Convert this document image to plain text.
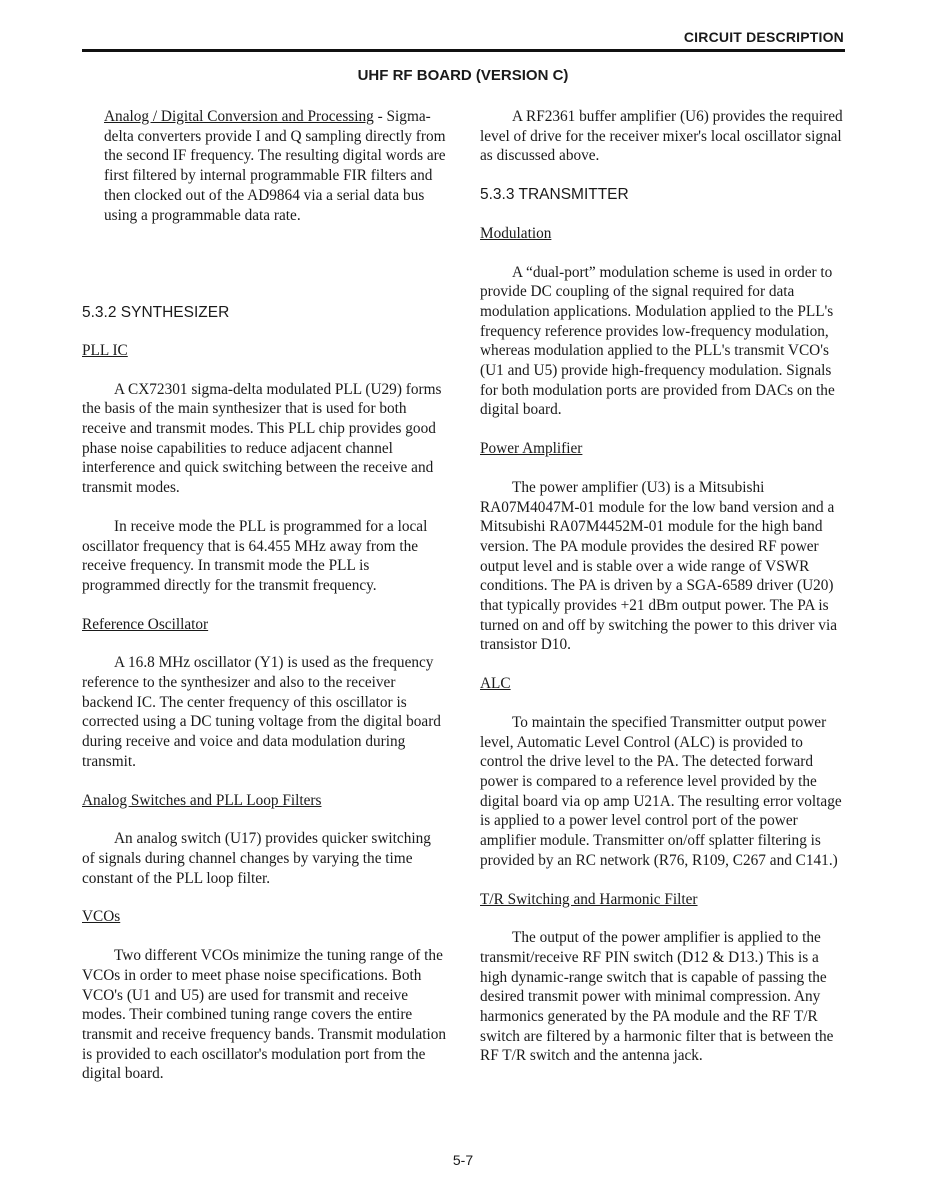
CIRCUIT DESCRIPTION
UHF RF BOARD (VERSION C)

Analog / Digital Conversion and Processing - Sigma-delta converters provide I and Q sampling directly from the second IF frequency. The resulting digital words are first filtered by internal programmable FIR filters and then clocked out of the AD9864 via a serial data bus using a programmable data rate.

5.3.2 SYNTHESIZER

PLL IC

A CX72301 sigma-delta modulated PLL (U29) forms the basis of the main synthesizer that is used for both receive and transmit modes. This PLL chip provides good phase noise capabilities to reduce adjacent channel interference and quick switching between the receive and transmit modes.

In receive mode the PLL is programmed for a local oscillator frequency that is 64.455 MHz away from the receive frequency. In transmit mode the PLL is programmed directly for the transmit frequency.

Reference Oscillator

A 16.8 MHz oscillator (Y1) is used as the frequency reference to the synthesizer and also to the receiver backend IC. The center frequency of this oscillator is corrected using a DC tuning voltage from the digital board during receive and voice and data modulation during transmit.

Analog Switches and PLL Loop Filters

An analog switch (U17) provides quicker switching of signals during channel changes by varying the time constant of the PLL loop filter.

VCOs

Two different VCOs minimize the tuning range of the VCOs in order to meet phase noise specifications. Both VCO's (U1 and U5) are used for transmit and receive modes. Their combined tuning range covers the entire transmit and receive frequency bands. Transmit modulation is provided to each oscillator's modulation port from the digital board.

A RF2361 buffer amplifier (U6) provides the required level of drive for the receiver mixer's local oscillator signal as discussed above.

5.3.3 TRANSMITTER

Modulation

A “dual-port” modulation scheme is used in order to provide DC coupling of the signal required for data modulation applications. Modulation applied to the PLL's frequency reference provides low-frequency modulation, whereas modulation applied to the PLL's transmit VCO's (U1 and U5) provide high-frequency modulation. Signals for both modulation ports are provided from DACs on the digital board.

Power Amplifier

The power amplifier (U3) is a Mitsubishi RA07M4047M-01 module for the low band version and a Mitsubishi RA07M4452M-01 module for the high band version. The PA module provides the desired RF power output level and is stable over a wide range of VSWR conditions. The PA is driven by a SGA-6589 driver (U20) that typically provides +21 dBm output power. The PA is turned on and off by switching the power to this driver via transistor D10.

ALC

To maintain the specified Transmitter output power level, Automatic Level Control (ALC) is provided to control the drive level to the PA. The detected forward power is compared to a reference level provided by the digital board via op amp U21A. The resulting error voltage is applied to a power level control port of the power amplifier module. Transmitter on/off splatter filtering is provided by an RC network (R76, R109, C267 and C141.)

T/R Switching and Harmonic Filter

The output of the power amplifier is applied to the transmit/receive RF PIN switch (D12 & D13.) This is a high dynamic-range switch that is capable of passing the desired transmit power with minimal compression. Any harmonics generated by the PA module and the RF T/R switch are filtered by a harmonic filter that is between the RF T/R switch and the antenna jack.

5-7
